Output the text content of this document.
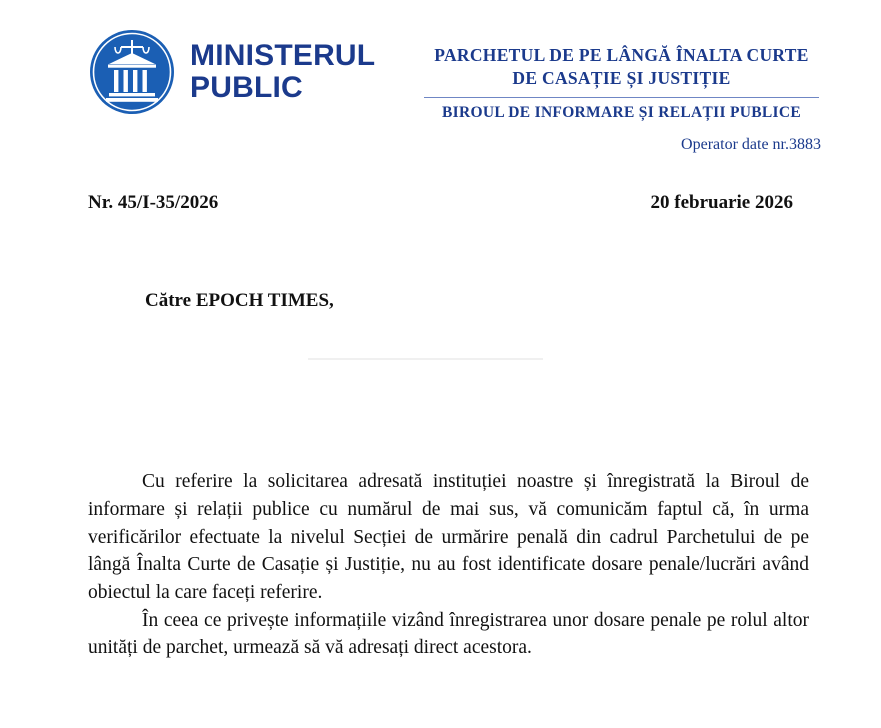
MINISTERUL
PUBLIC
PARCHETUL DE PE LÂNGĂ ÎNALTA CURTE DE CASAȚIE ȘI JUSTIȚIE
BIROUL DE INFORMARE ȘI RELAȚII PUBLICE
Operator date nr.3883
Nr. 45/I-35/2026	20 februarie 2026
Către EPOCH TIMES,

Cu referire la solicitarea adresată instituției noastre și înregistrată la Biroul de informare și relații publice cu numărul de mai sus, vă comunicăm faptul că, în urma verificărilor efectuate la nivelul Secției de urmărire penală din cadrul Parchetului de pe lângă Înalta Curte de Casație și Justiție, nu au fost identificate dosare penale/lucrări având obiectul la care faceți referire.

În ceea ce privește informațiile vizând înregistrarea unor dosare penale pe rolul altor unități de parchet, urmează să vă adresați direct acestora.
